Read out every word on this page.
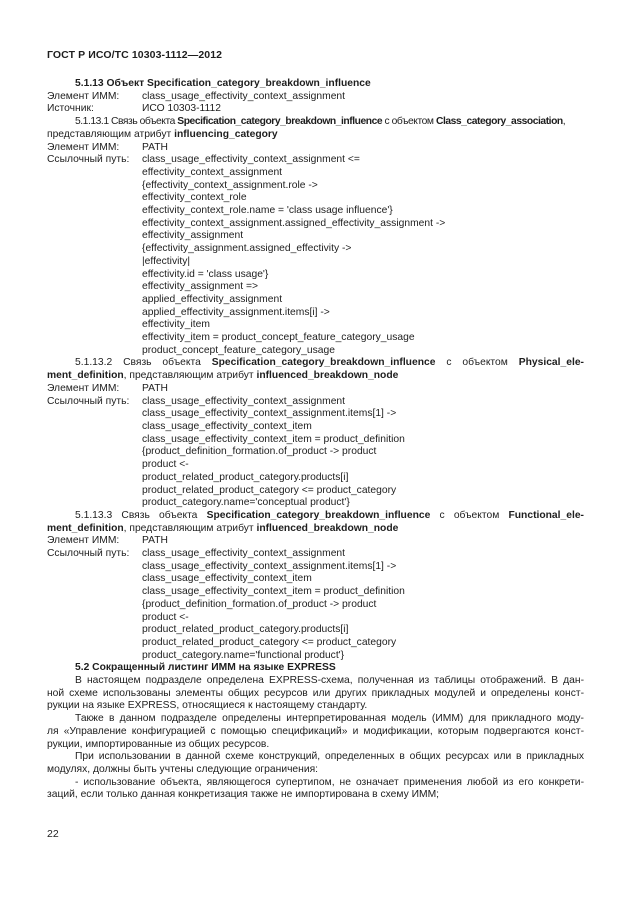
ГОСТ Р ИСО/ТС 10303-1112—2012
5.1.13 Объект Specification_category_breakdown_influence
Элемент ИММ:	class_usage_effectivity_context_assignment
Источник:	ИСО 10303-1112
5.1.13.1 Связь объекта Specification_category_breakdown_influence с объектом Class_category_association,
представляющим атрибут influencing_category
Элемент ИММ:	PATH
Ссылочный путь:	class_usage_effectivity_context_assignment <=
effectivity_context_assignment
{effectivity_context_assignment.role ->
effectivity_context_role
effectivity_context_role.name = 'class usage influence'}
effectivity_context_assignment.assigned_effectivity_assignment ->
effectivity_assignment
{effectivity_assignment.assigned_effectivity ->
|effectivity|
effectivity.id = 'class usage'}
effectivity_assignment =>
applied_effectivity_assignment
applied_effectivity_assignment.items[i] ->
effectivity_item
effectivity_item = product_concept_feature_category_usage
product_concept_feature_category_usage
5.1.13.2 Связь объекта Specification_category_breakdown_influence с объектом Physical_ele-
ment_definition, представляющим атрибут influenced_breakdown_node
Элемент ИММ:	PATH
Ссылочный путь:	class_usage_effectivity_context_assignment
class_usage_effectivity_context_assignment.items[1] ->
class_usage_effectivity_context_item
class_usage_effectivity_context_item = product_definition
{product_definition_formation.of_product -> product
product <-
product_related_product_category.products[i]
product_related_product_category <= product_category
product_category.name='conceptual product'}
5.1.13.3 Связь объекта Specification_category_breakdown_influence с объектом Functional_ele-
ment_definition, представляющим атрибут influenced_breakdown_node
Элемент ИММ:	PATH
Ссылочный путь:	class_usage_effectivity_context_assignment
class_usage_effectivity_context_assignment.items[1] ->
class_usage_effectivity_context_item
class_usage_effectivity_context_item = product_definition
{product_definition_formation.of_product -> product
product <-
product_related_product_category.products[i]
product_related_product_category <= product_category
product_category.name='functional product'}
5.2 Сокращенный листинг ИММ на языке EXPRESS
В настоящем подразделе определена EXPRESS-схема, полученная из таблицы отображений. В дан-
ной схеме использованы элементы общих ресурсов или других прикладных модулей и определены конст-
рукции на языке EXPRESS, относящиеся к настоящему стандарту.
Также в данном подразделе определены интерпретированная модель (ИММ) для прикладного моду-
ля «Управление конфигурацией с помощью спецификаций» и модификации, которым подвергаются конст-
рукции, импортированные из общих ресурсов.
При использовании в данной схеме конструкций, определенных в общих ресурсах или в прикладных
модулях, должны быть учтены следующие ограничения:
- использование объекта, являющегося супертипом, не означает применения любой из его конкрети-
заций, если только данная конкретизация также не импортирована в схему ИММ;
22
